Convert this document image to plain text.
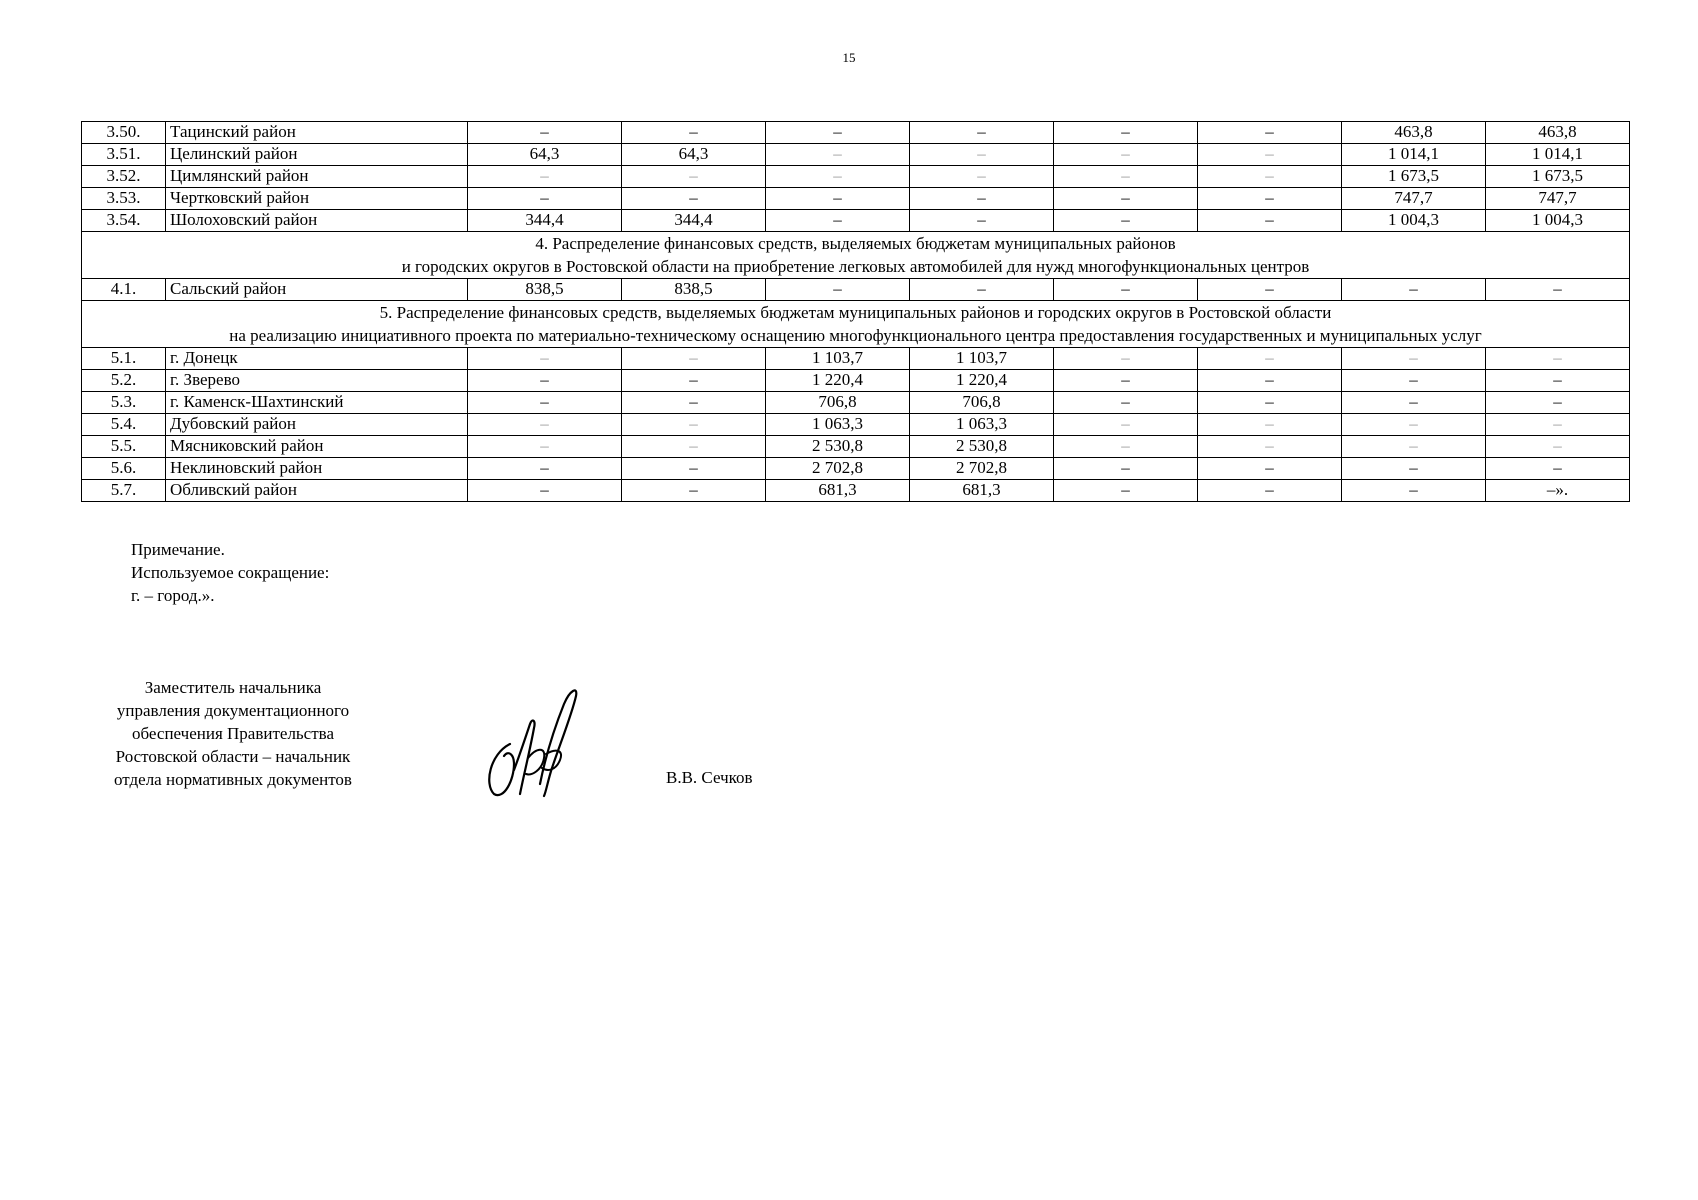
15
3.50.	Тацинский район	–	–	–	–	–	–	463,8	463,8
3.51.	Целинский район	64,3	64,3	–	–	–	–	1 014,1	1 014,1
3.52.	Цимлянский район	–	–	–	–	–	–	1 673,5	1 673,5
3.53.	Чертковский район	–	–	–	–	–	–	747,7	747,7
3.54.	Шолоховский район	344,4	344,4	–	–	–	–	1 004,3	1 004,3

4. Распределение финансовых средств, выделяемых бюджетам муниципальных районов
и городских округов в Ростовской области на приобретение легковых автомобилей для нужд многофункциональных центров									

4.1.	Сальский район	838,5	838,5	–	–	–	–	–	–

5. Распределение финансовых средств, выделяемых бюджетам муниципальных районов и городских округов в Ростовской области
на реализацию инициативного проекта по материально-техническому оснащению многофункционального центра предоставления государственных и муниципальных услуг									

5.1.	г. Донецк	–	–	1 103,7	1 103,7	–	–	–	–
5.2.	г. Зверево	–	–	1 220,4	1 220,4	–	–	–	–
5.3.	г. Каменск-Шахтинский	–	–	706,8	706,8	–	–	–	–
5.4.	Дубовский район	–	–	1 063,3	1 063,3	–	–	–	–
5.5.	Мясниковский район	–	–	2 530,8	2 530,8	–	–	–	–
5.6.	Неклиновский район	–	–	2 702,8	2 702,8	–	–	–	–
5.7.	Обливский район	–	–	681,3	681,3	–	–	–	–».
Примечание.
Используемое сокращение:
г. – город.».
Заместитель начальника
управления документационного
обеспечения Правительства
Ростовской области – начальник
отдела нормативных документов	В.В. Сечков
